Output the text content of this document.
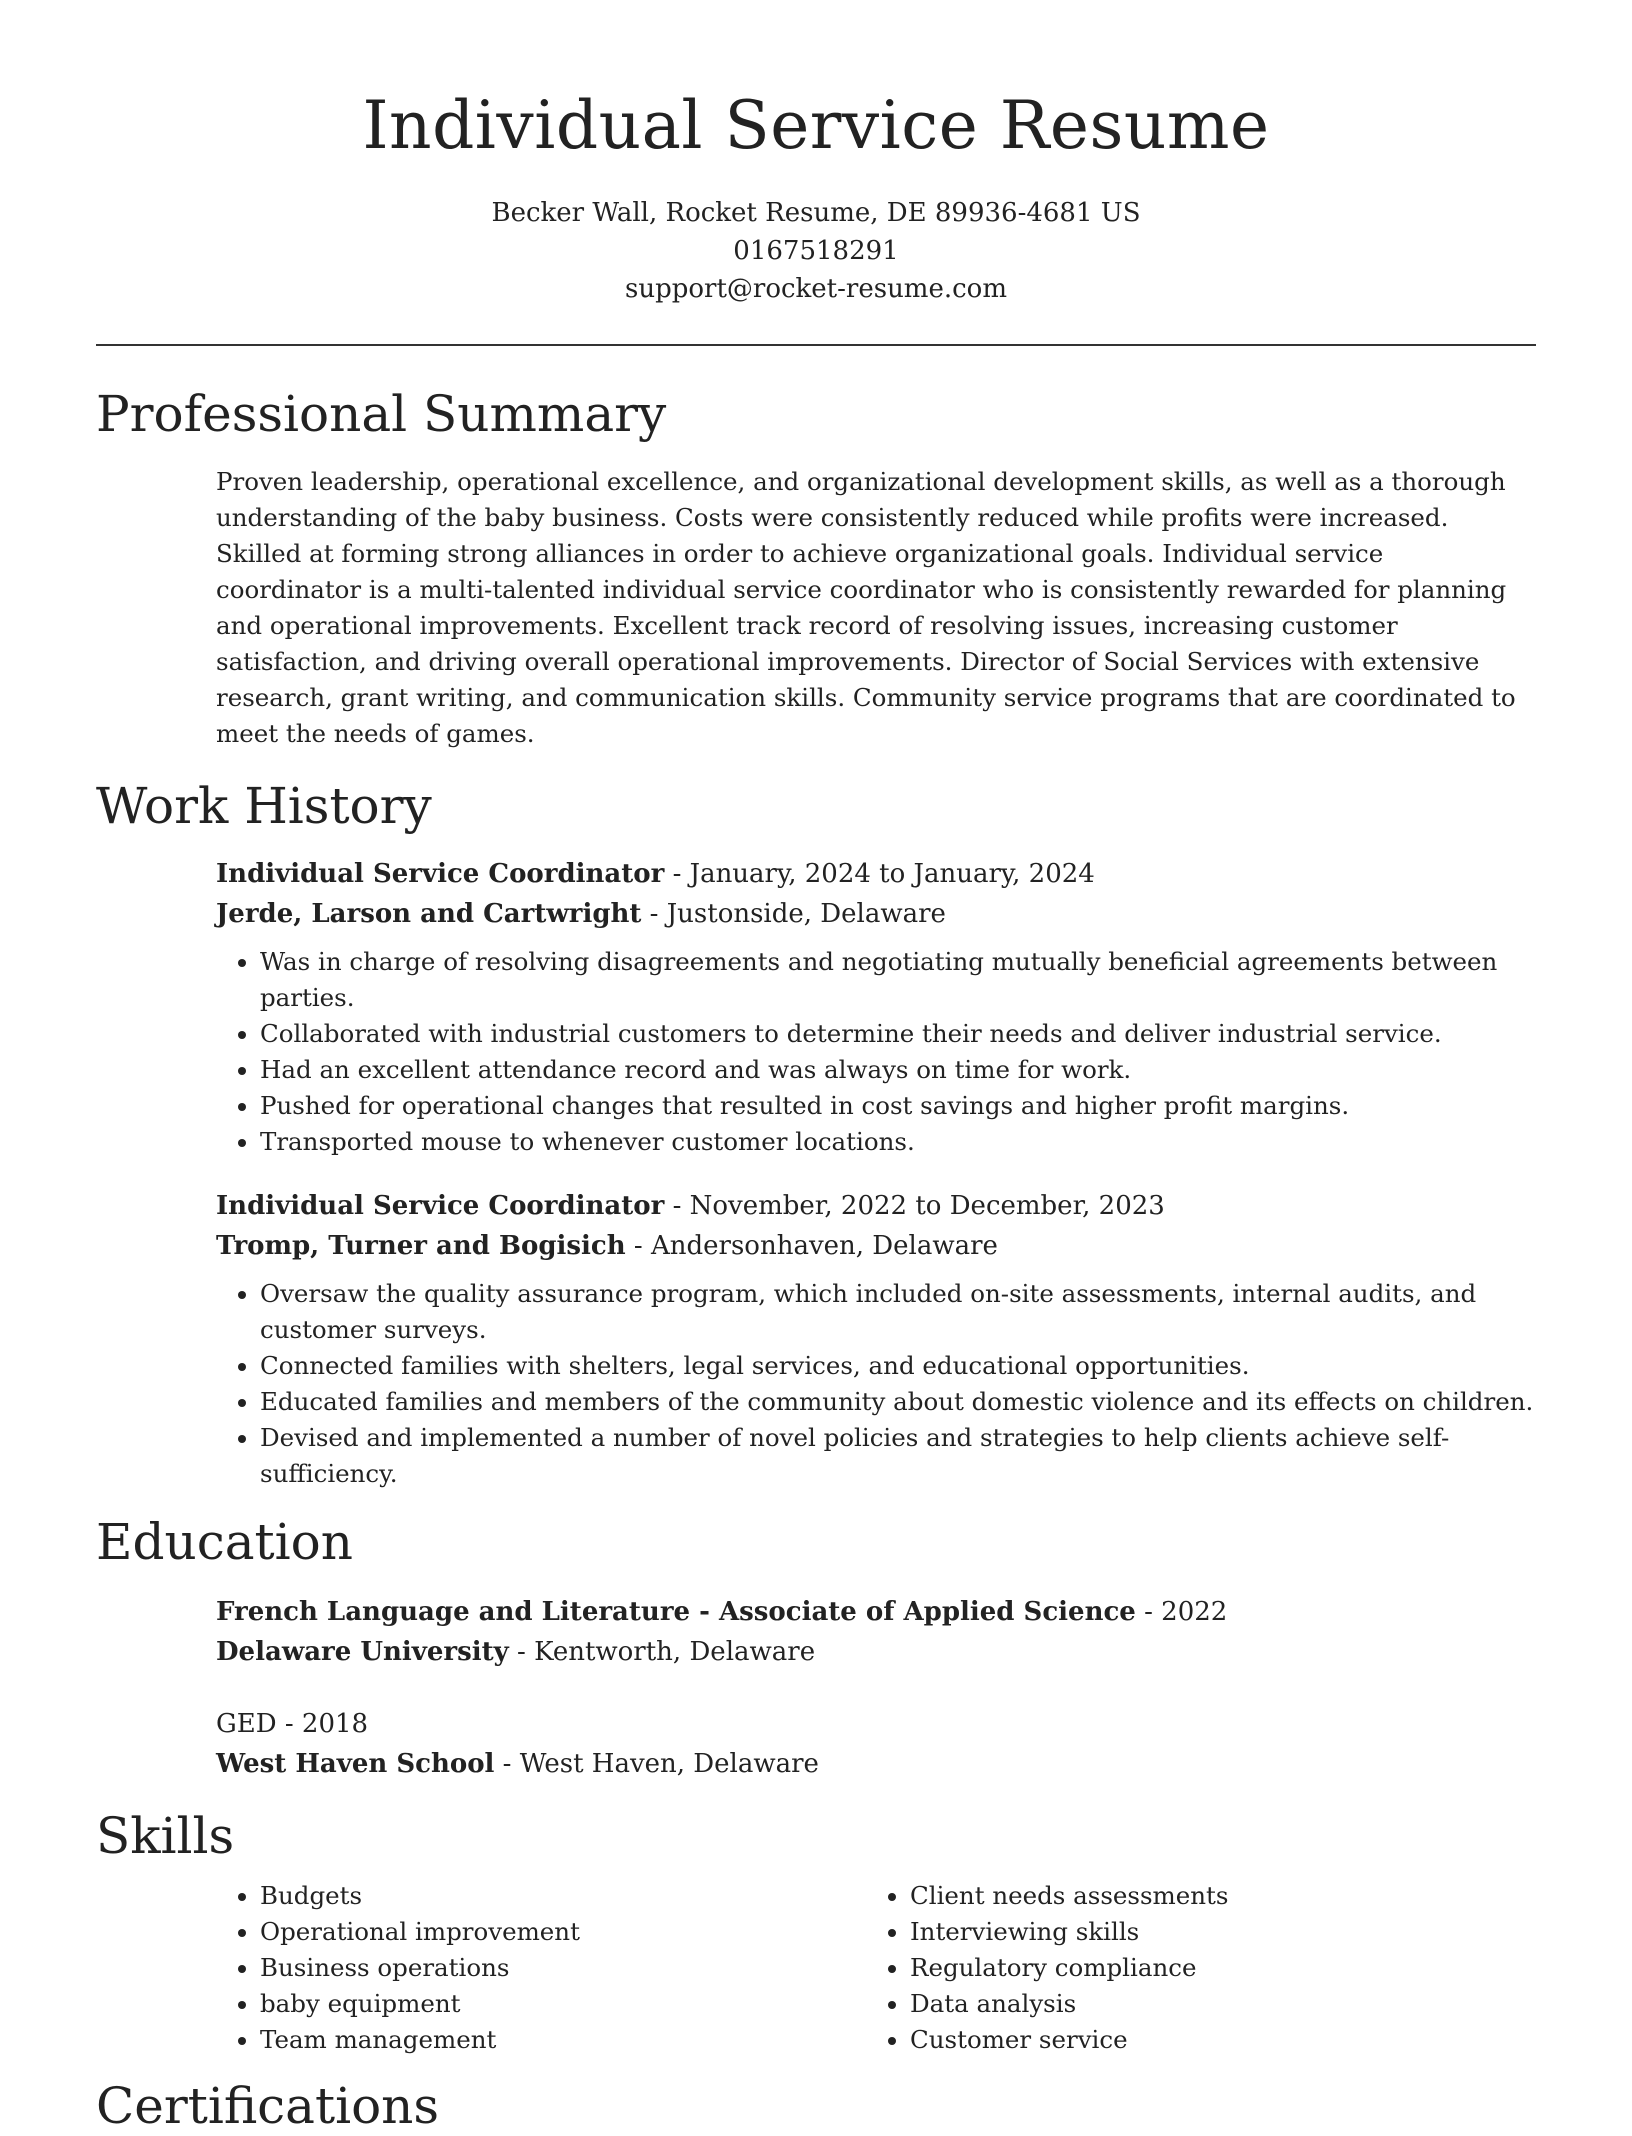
Individual Service Resume
Becker Wall, Rocket Resume, DE 89936-4681 US
0167518291
support@rocket-resume.com
Professional Summary
Proven leadership, operational excellence, and organizational development skills, as well as a thorough understanding of the baby business. Costs were consistently reduced while profits were increased. Skilled at forming strong alliances in order to achieve organizational goals. Individual service coordinator is a multi-talented individual service coordinator who is consistently rewarded for planning and operational improvements. Excellent track record of resolving issues, increasing customer satisfaction, and driving overall operational improvements. Director of Social Services with extensive research, grant writing, and communication skills. Community service programs that are coordinated to meet the needs of games.
Work History
Individual Service Coordinator - January, 2024 to January, 2024
Jerde, Larson and Cartwright - Justonside, Delaware
• Was in charge of resolving disagreements and negotiating mutually beneficial agreements between parties.
• Collaborated with industrial customers to determine their needs and deliver industrial service.
• Had an excellent attendance record and was always on time for work.
• Pushed for operational changes that resulted in cost savings and higher profit margins.
• Transported mouse to whenever customer locations.
Individual Service Coordinator - November, 2022 to December, 2023
Tromp, Turner and Bogisich - Andersonhaven, Delaware
• Oversaw the quality assurance program, which included on-site assessments, internal audits, and customer surveys.
• Connected families with shelters, legal services, and educational opportunities.
• Educated families and members of the community about domestic violence and its effects on children.
• Devised and implemented a number of novel policies and strategies to help clients achieve self-sufficiency.
Education
French Language and Literature - Associate of Applied Science - 2022
Delaware University - Kentworth, Delaware
GED - 2018
West Haven School - West Haven, Delaware
Skills
• Budgets
• Operational improvement
• Business operations
• baby equipment
• Team management
• Client needs assessments
• Interviewing skills
• Regulatory compliance
• Data analysis
• Customer service
Certifications
